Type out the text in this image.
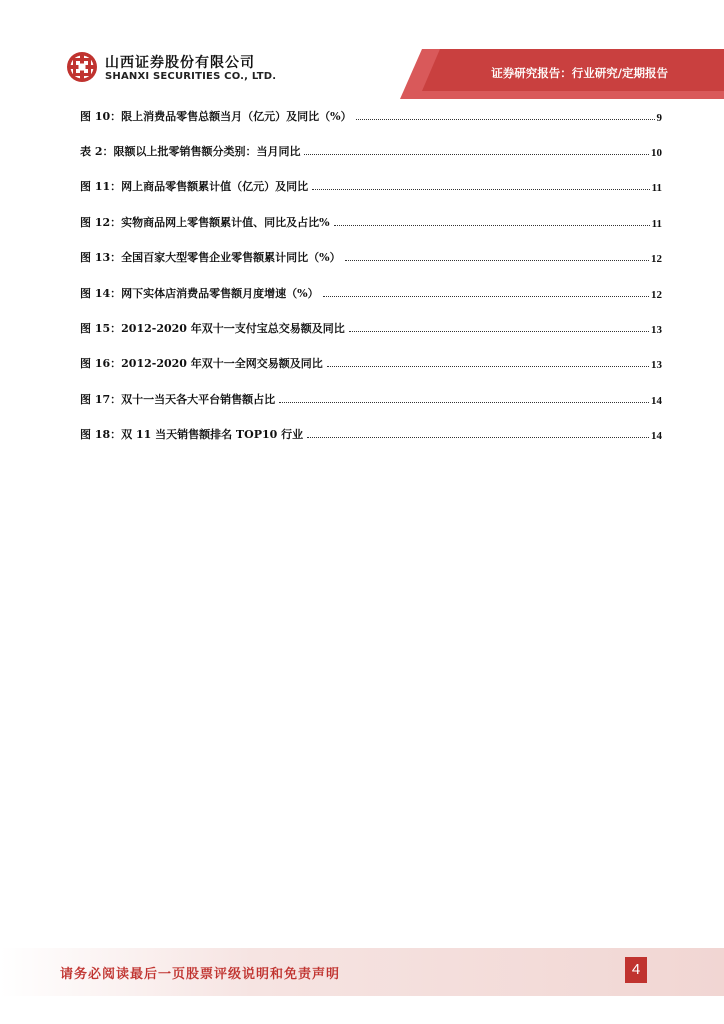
山西证券股份有限公司
SHANXI SECURITIES CO., LTD.	证券研究报告：行业研究/定期报告
图 10：限上消费品零售总额当月（亿元）及同比（%）	9
表 2：限额以上批零销售额分类别：当月同比	10
图 11：网上商品零售额累计值（亿元）及同比	11
图 12：实物商品网上零售额累计值、同比及占比%	11
图 13：全国百家大型零售企业零售额累计同比（%）	12
图 14：网下实体店消费品零售额月度增速（%）	12
图 15：2012-2020 年双十一支付宝总交易额及同比	13
图 16：2012-2020 年双十一全网交易额及同比	13
图 17：双十一当天各大平台销售额占比	14
图 18：双 11 当天销售额排名 TOP10 行业	14
请务必阅读最后一页股票评级说明和免责声明	4
